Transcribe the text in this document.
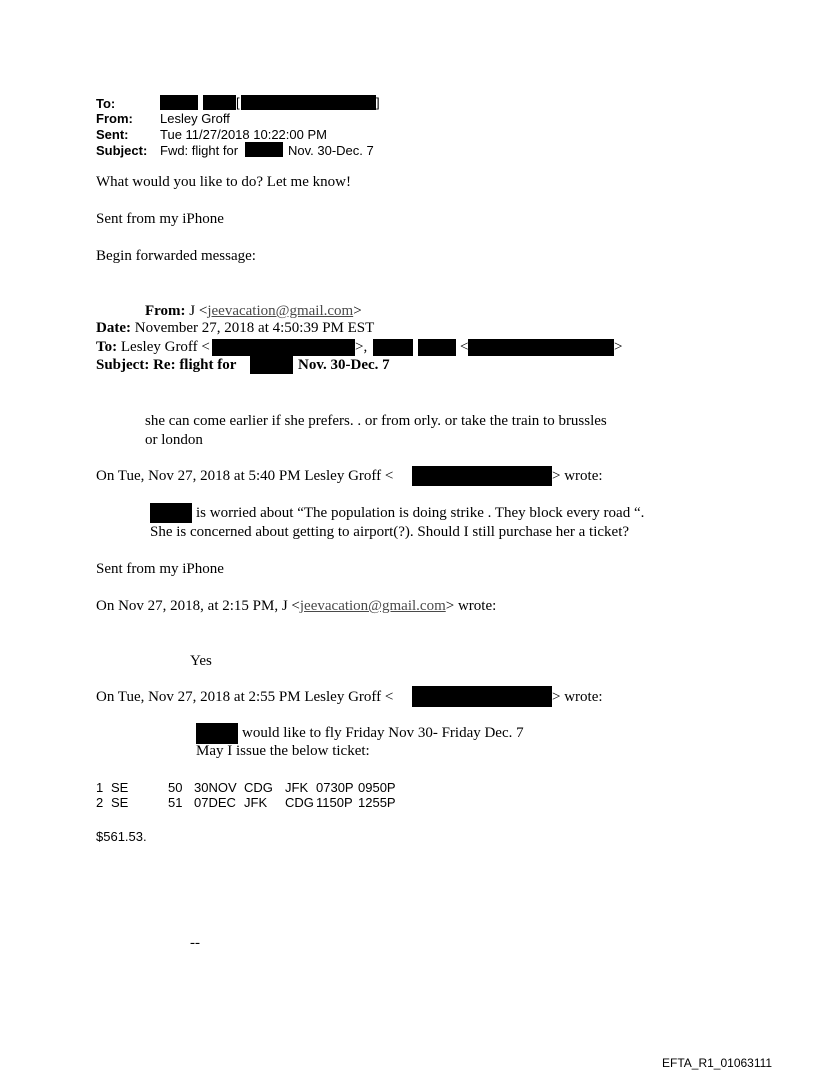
To:	[	]
From: Lesley Groff
Sent: Tue 11/27/2018 10:22:00 PM
Subject: Fwd: flight for	Nov. 30-Dec. 7
What would you like to do? Let me know!
Sent from my iPhone
Begin forwarded message:
From: J <jeevacation@gmail.com>
Date: November 27, 2018 at 4:50:39 PM EST
To: Lesley Groff <	>,	<	>
Subject: Re: flight for	Nov. 30-Dec. 7
she can come earlier if she prefers. . or from orly. or take the train to brussles
or london
On Tue, Nov 27, 2018 at 5:40 PM Lesley Groff <	> wrote:
is worried about “The population is doing strike . They block every road “.
She is concerned about getting to airport(?). Should I still purchase her a ticket?
Sent from my iPhone
On Nov 27, 2018, at 2:15 PM, J <jeevacation@gmail.com> wrote:
Yes
On Tue, Nov 27, 2018 at 2:55 PM Lesley Groff <	> wrote:
would like to fly Friday Nov 30- Friday Dec. 7
May I issue the below ticket:
1 SE	50 30NOV CDG JFK 0730P 0950P
2 SE	51 07DEC JFK CDG 1150P 1255P
$561.53.
--
EFTA_R1_01063111
